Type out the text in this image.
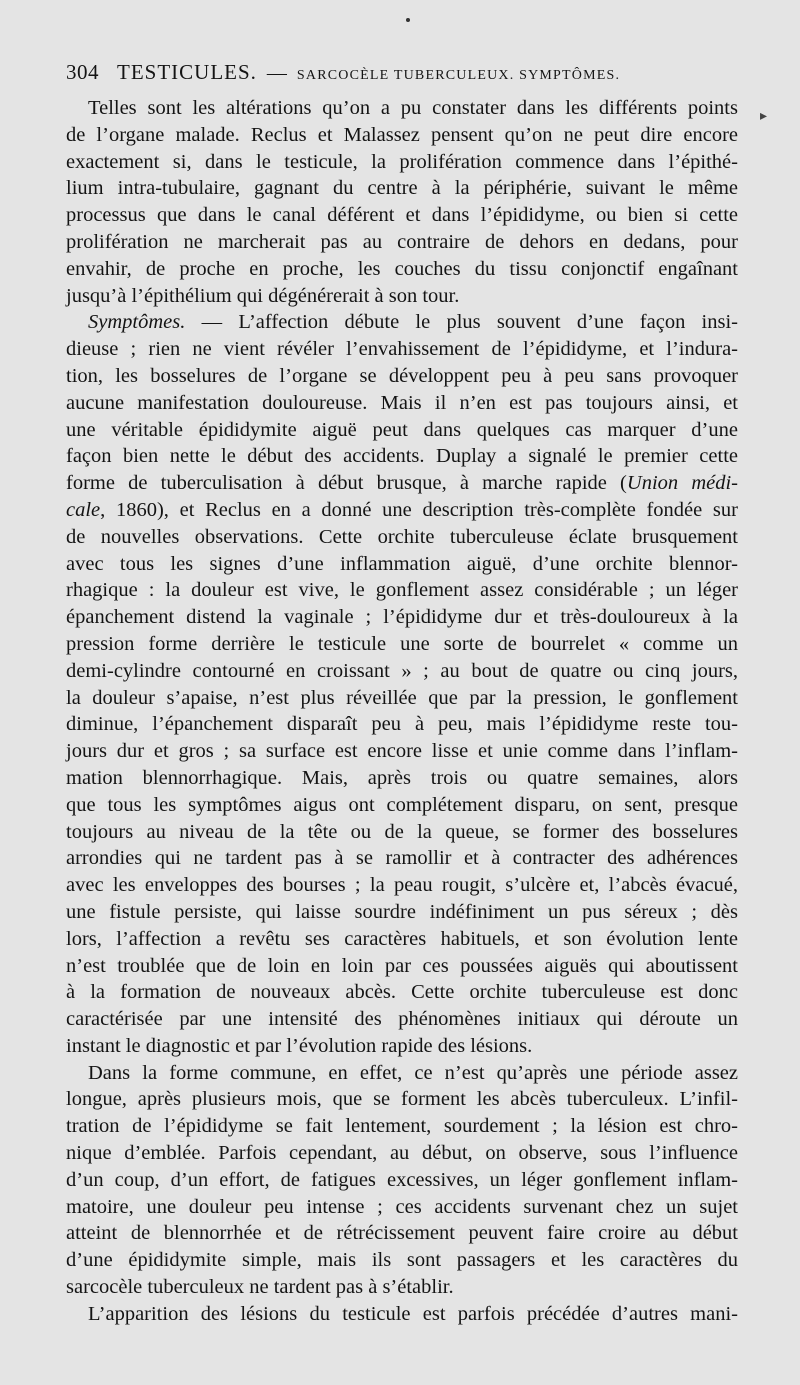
304 TESTICULES. — SARCOCÈLE TUBERCULEUX. SYMPTÔMES.
▸
Telles sont les altérations qu’on a pu constater dans les différents points
de l’organe malade. Reclus et Malassez pensent qu’on ne peut dire encore
exactement si, dans le testicule, la prolifération commence dans l’épithé-
lium intra-tubulaire, gagnant du centre à la périphérie, suivant le même
processus que dans le canal déférent et dans l’épididyme, ou bien si cette
prolifération ne marcherait pas au contraire de dehors en dedans, pour
envahir, de proche en proche, les couches du tissu conjonctif engaînant
jusqu’à l’épithélium qui dégénérerait à son tour.
Symptômes. — L’affection débute le plus souvent d’une façon insi-
dieuse ; rien ne vient révéler l’envahissement de l’épididyme, et l’indura-
tion, les bosselures de l’organe se développent peu à peu sans provoquer
aucune manifestation douloureuse. Mais il n’en est pas toujours ainsi, et
une véritable épididymite aiguë peut dans quelques cas marquer d’une
façon bien nette le début des accidents. Duplay a signalé le premier cette
forme de tuberculisation à début brusque, à marche rapide (Union médi-
cale, 1860), et Reclus en a donné une description très-complète fondée sur
de nouvelles observations. Cette orchite tuberculeuse éclate brusquement
avec tous les signes d’une inflammation aiguë, d’une orchite blennor-
rhagique : la douleur est vive, le gonflement assez considérable ; un léger
épanchement distend la vaginale ; l’épididyme dur et très-douloureux à la
pression forme derrière le testicule une sorte de bourrelet « comme un
demi-cylindre contourné en croissant » ; au bout de quatre ou cinq jours,
la douleur s’apaise, n’est plus réveillée que par la pression, le gonflement
diminue, l’épanchement disparaît peu à peu, mais l’épididyme reste tou-
jours dur et gros ; sa surface est encore lisse et unie comme dans l’inflam-
mation blennorrhagique. Mais, après trois ou quatre semaines, alors
que tous les symptômes aigus ont complétement disparu, on sent, presque
toujours au niveau de la tête ou de la queue, se former des bosselures
arrondies qui ne tardent pas à se ramollir et à contracter des adhérences
avec les enveloppes des bourses ; la peau rougit, s’ulcère et, l’abcès évacué,
une fistule persiste, qui laisse sourdre indéfiniment un pus séreux ; dès
lors, l’affection a revêtu ses caractères habituels, et son évolution lente
n’est troublée que de loin en loin par ces poussées aiguës qui aboutissent
à la formation de nouveaux abcès. Cette orchite tuberculeuse est donc
caractérisée par une intensité des phénomènes initiaux qui déroute un
instant le diagnostic et par l’évolution rapide des lésions.
Dans la forme commune, en effet, ce n’est qu’après une période assez
longue, après plusieurs mois, que se forment les abcès tuberculeux. L’infil-
tration de l’épididyme se fait lentement, sourdement ; la lésion est chro-
nique d’emblée. Parfois cependant, au début, on observe, sous l’influence
d’un coup, d’un effort, de fatigues excessives, un léger gonflement inflam-
matoire, une douleur peu intense ; ces accidents survenant chez un sujet
atteint de blennorrhée et de rétrécissement peuvent faire croire au début
d’une épididymite simple, mais ils sont passagers et les caractères du
sarcocèle tuberculeux ne tardent pas à s’établir.
L’apparition des lésions du testicule est parfois précédée d’autres mani-
